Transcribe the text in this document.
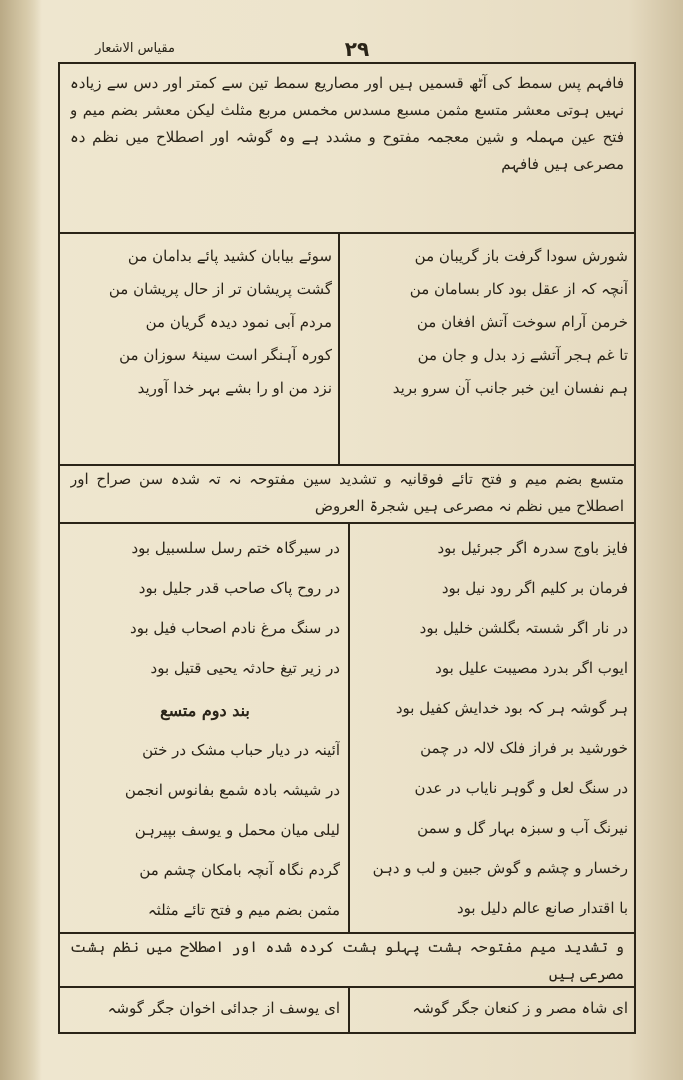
مقیاس الاشعار	۲۹

فافہم پس سمط کی آٹھ قسمیں ہیں اور مصاریع سمط تین سے کمتر اور دس سے زیادہ نہیں ہوتی معشر متسع مثمن مسبع مسدس مخمس مربع مثلث لیکن معشر بضم میم و فتح عین مہملہ و شین معجمہ مفتوح و مشدد ہے وہ گوشہ اور اصطلاح میں نظم دہ مصرعی ہیں فافہم

شورش سودا گرفت باز گریبان من
آنچہ کہ از عقل بود کار بسامان من
خرمن آرام سوخت آتش افغان من
تا غم ہجر آتشے زد بدل و جان من
ہم نفسان این خبر جانب آن سرو برید
سوئے بیابان کشید پائے بدامان من
گشت پریشان تر از حال پریشان من
مردم آبی نمود دیدہ گریان من
کورہ آہنگر است سینۂ سوزان من
نزد من او را بشے بہر خدا آورید

متسع بضم میم و فتح تائے فوقانیہ و تشدید سین مفتوحہ نہ تہ شدہ سن صراح اور اصطلاح میں نظم نہ مصرعی ہیں شجرۃ العروض

فایز باوج سدرہ اگر جبرئیل بود
فرمان بر کلیم اگر رود نیل بود
در نار اگر شستہ بگلشن خلیل بود
ایوب اگر بدرد مصیبت علیل بود
ہر گوشہ ہر کہ بود خدایش کفیل بود
خورشید بر فراز فلک لالہ در چمن
در سنگ لعل و گوہر نایاب در عدن
نیرنگ آب و سبزہ بہار گل و سمن
رخسار و چشم و گوش جبین و لب و دہن
با اقتدار صانع عالم دلیل بود
در سیرگاہ ختم رسل سلسبیل بود
در روح پاک صاحب قدر جلیل بود
در سنگ مرغ نادم اصحاب فیل بود
در زیر تیغ حادثہ یحیی قتیل بود
بند دوم متسع
آئینہ در دیار حباب مشک در ختن
در شیشہ بادہ شمع بفانوس انجمن
لیلی میان محمل و یوسف بپیرہن
گردم نگاہ آنچہ بامکان چشم من
مثمن بضم میم و فتح تائے مثلثہ

و تشدید میم مفتوحہ ہشت پہلو ہشت کردہ شدہ اور اصطلاح میں نظم ہشت مصرعی ہیں

ای شاہ مصر و ز کنعان جگر گوشہ
ای یوسف از جدائی اخوان جگر گوشہ
